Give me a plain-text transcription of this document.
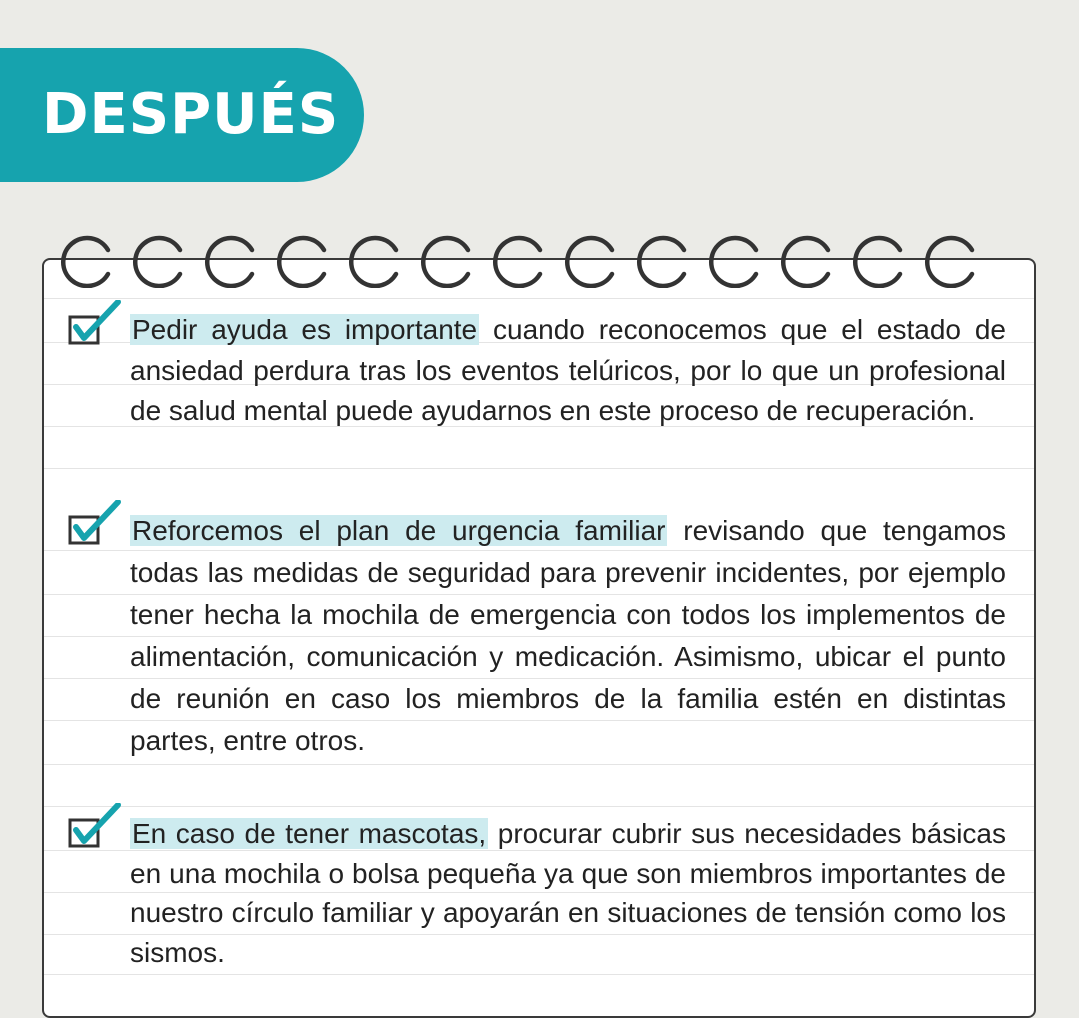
DESPUÉS
Pedir ayuda es importante cuando reconocemos que el estado de ansiedad perdura tras los eventos telúricos, por lo que un profesional de salud mental puede ayudarnos en este proceso de recuperación.
Reforcemos el plan de urgencia familiar revisando que tengamos todas las medidas de seguridad para prevenir incidentes, por ejemplo tener hecha la mochila de emergencia con todos los implementos de alimentación, comunicación y medicación. Asimismo, ubicar el punto de reunión en caso los miembros de la familia estén en distintas partes, entre otros.
En caso de tener mascotas, procurar cubrir sus necesidades básicas en una mochila o bolsa pequeña ya que son miembros importantes de nuestro círculo familiar y apoyarán en situaciones de tensión como los sismos.
